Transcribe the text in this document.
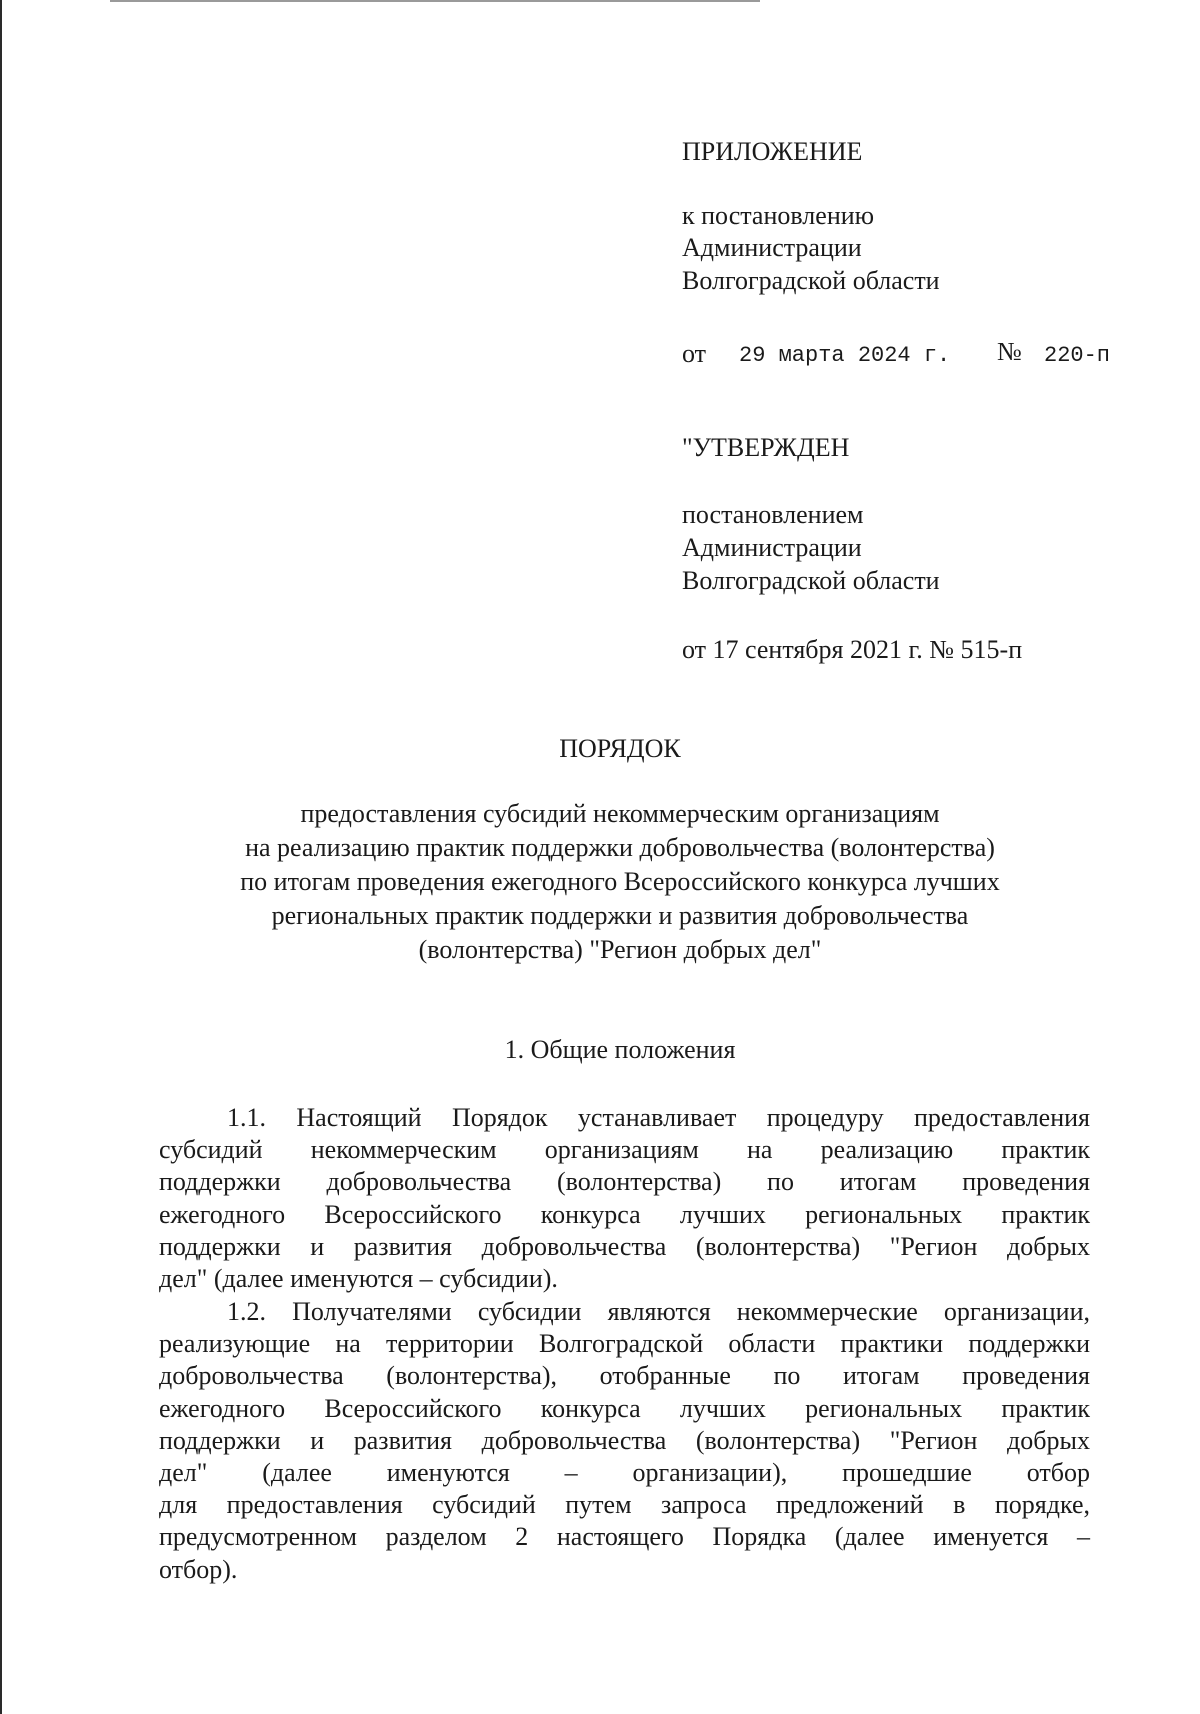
ПРИЛОЖЕНИЕ
к постановлению
Администрации
Волгоградской области
от 29 марта 2024 г. № 220-п
"УТВЕРЖДЕН
постановлением
Администрации
Волгоградской области
от 17 сентября 2021 г. № 515-п
ПОРЯДОК
предоставления субсидий некоммерческим организациям
на реализацию практик поддержки добровольчества (волонтерства)
по итогам проведения ежегодного Всероссийского конкурса лучших
региональных практик поддержки и развития добровольчества
(волонтерства) "Регион добрых дел"
1. Общие положения
1.1. Настоящий Порядок устанавливает процедуру предоставления
субсидий некоммерческим организациям на реализацию практик
поддержки добровольчества (волонтерства) по итогам проведения
ежегодного Всероссийского конкурса лучших региональных практик
поддержки и развития добровольчества (волонтерства) "Регион добрых
дел" (далее именуются – субсидии).
1.2. Получателями субсидии являются некоммерческие организации,
реализующие на территории Волгоградской области практики поддержки
добровольчества (волонтерства), отобранные по итогам проведения
ежегодного Всероссийского конкурса лучших региональных практик
поддержки и развития добровольчества (волонтерства) "Регион добрых
дел" (далее именуются – организации), прошедшие отбор
для предоставления субсидий путем запроса предложений в порядке,
предусмотренном разделом 2 настоящего Порядка (далее именуется –
отбор).
